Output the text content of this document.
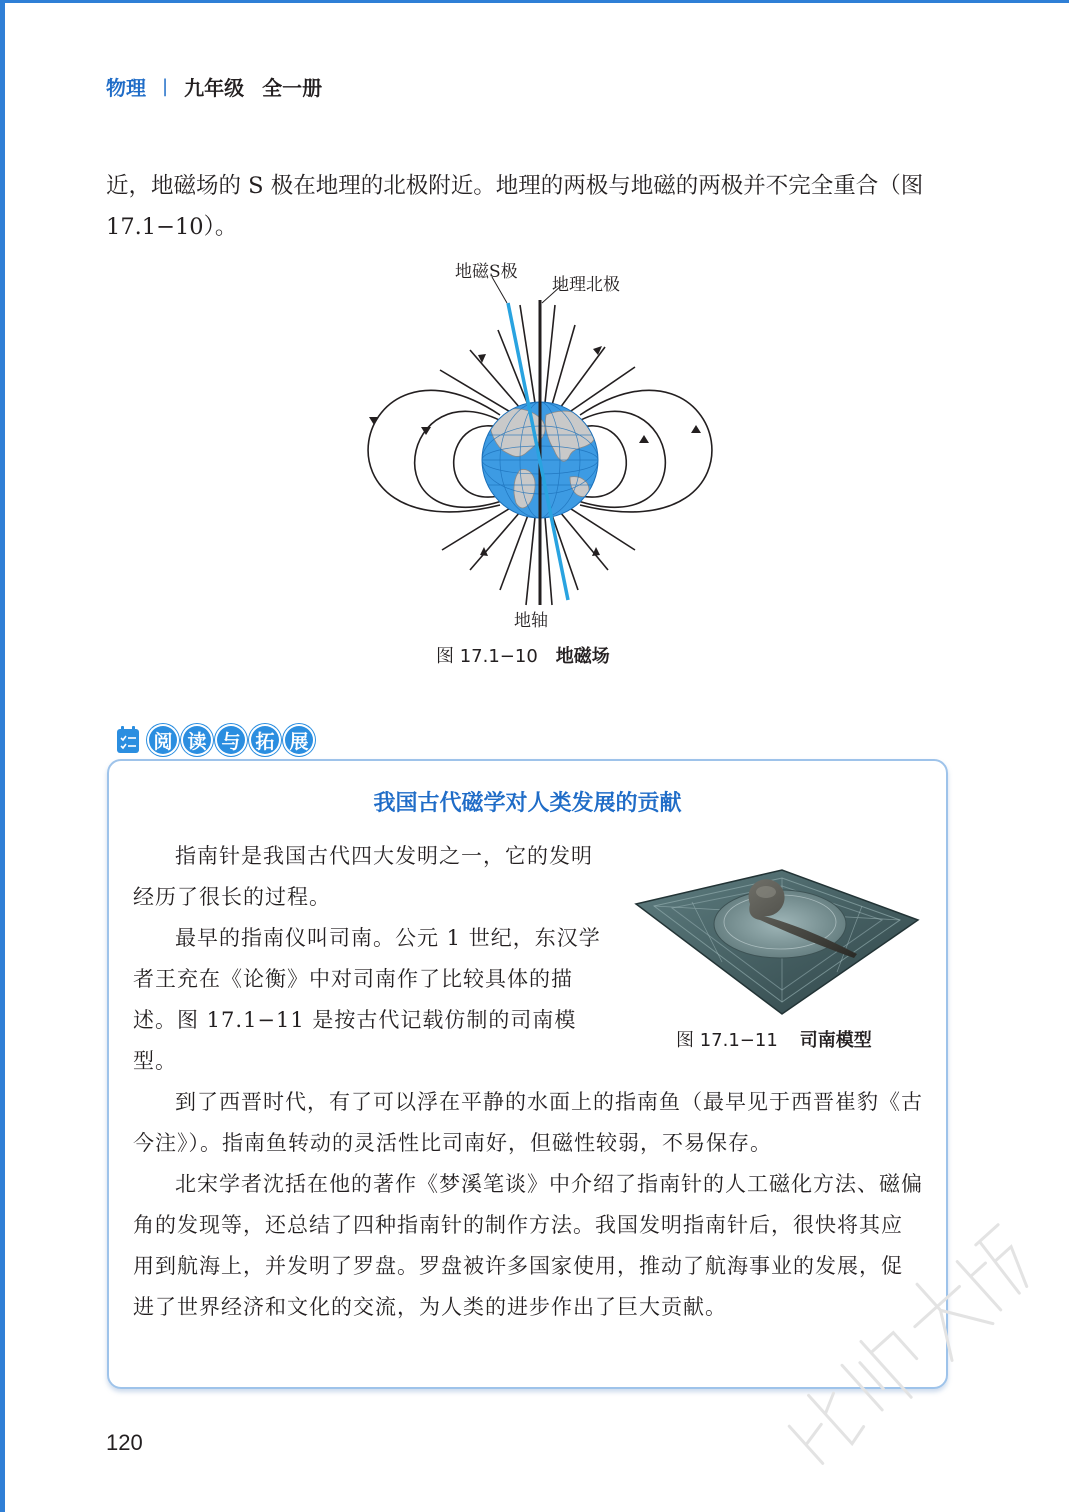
物理 | 九年级 全一册
近，地磁场的 S 极在地理的北极附近。地理的两极与地磁的两极并不完全重合（图 17.1−10）。
地磁S极
地理北极
地轴
图 17.1−10 地磁场
阅 读 与 拓 展
我国古代磁学对人类发展的贡献

指南针是我国古代四大发明之一，它的发明经历了很长的过程。

最早的指南仪叫司南。公元 1 世纪，东汉学者王充在《论衡》中对司南作了比较具体的描述。图 17.1−11 是按古代记载仿制的司南模型。

图 17.1−11 司南模型

到了西晋时代，有了可以浮在平静的水面上的指南鱼（最早见于西晋崔豹《古今注》）。指南鱼转动的灵活性比司南好，但磁性较弱，不易保存。

北宋学者沈括在他的著作《梦溪笔谈》中介绍了指南针的人工磁化方法、磁偏角的发现等，还总结了四种指南针的制作方法。我国发明指南针后，很快将其应用到航海上，并发明了罗盘。罗盘被许多国家使用，推动了航海事业的发展，促进了世界经济和文化的交流，为人类的进步作出了巨大贡献。

120
